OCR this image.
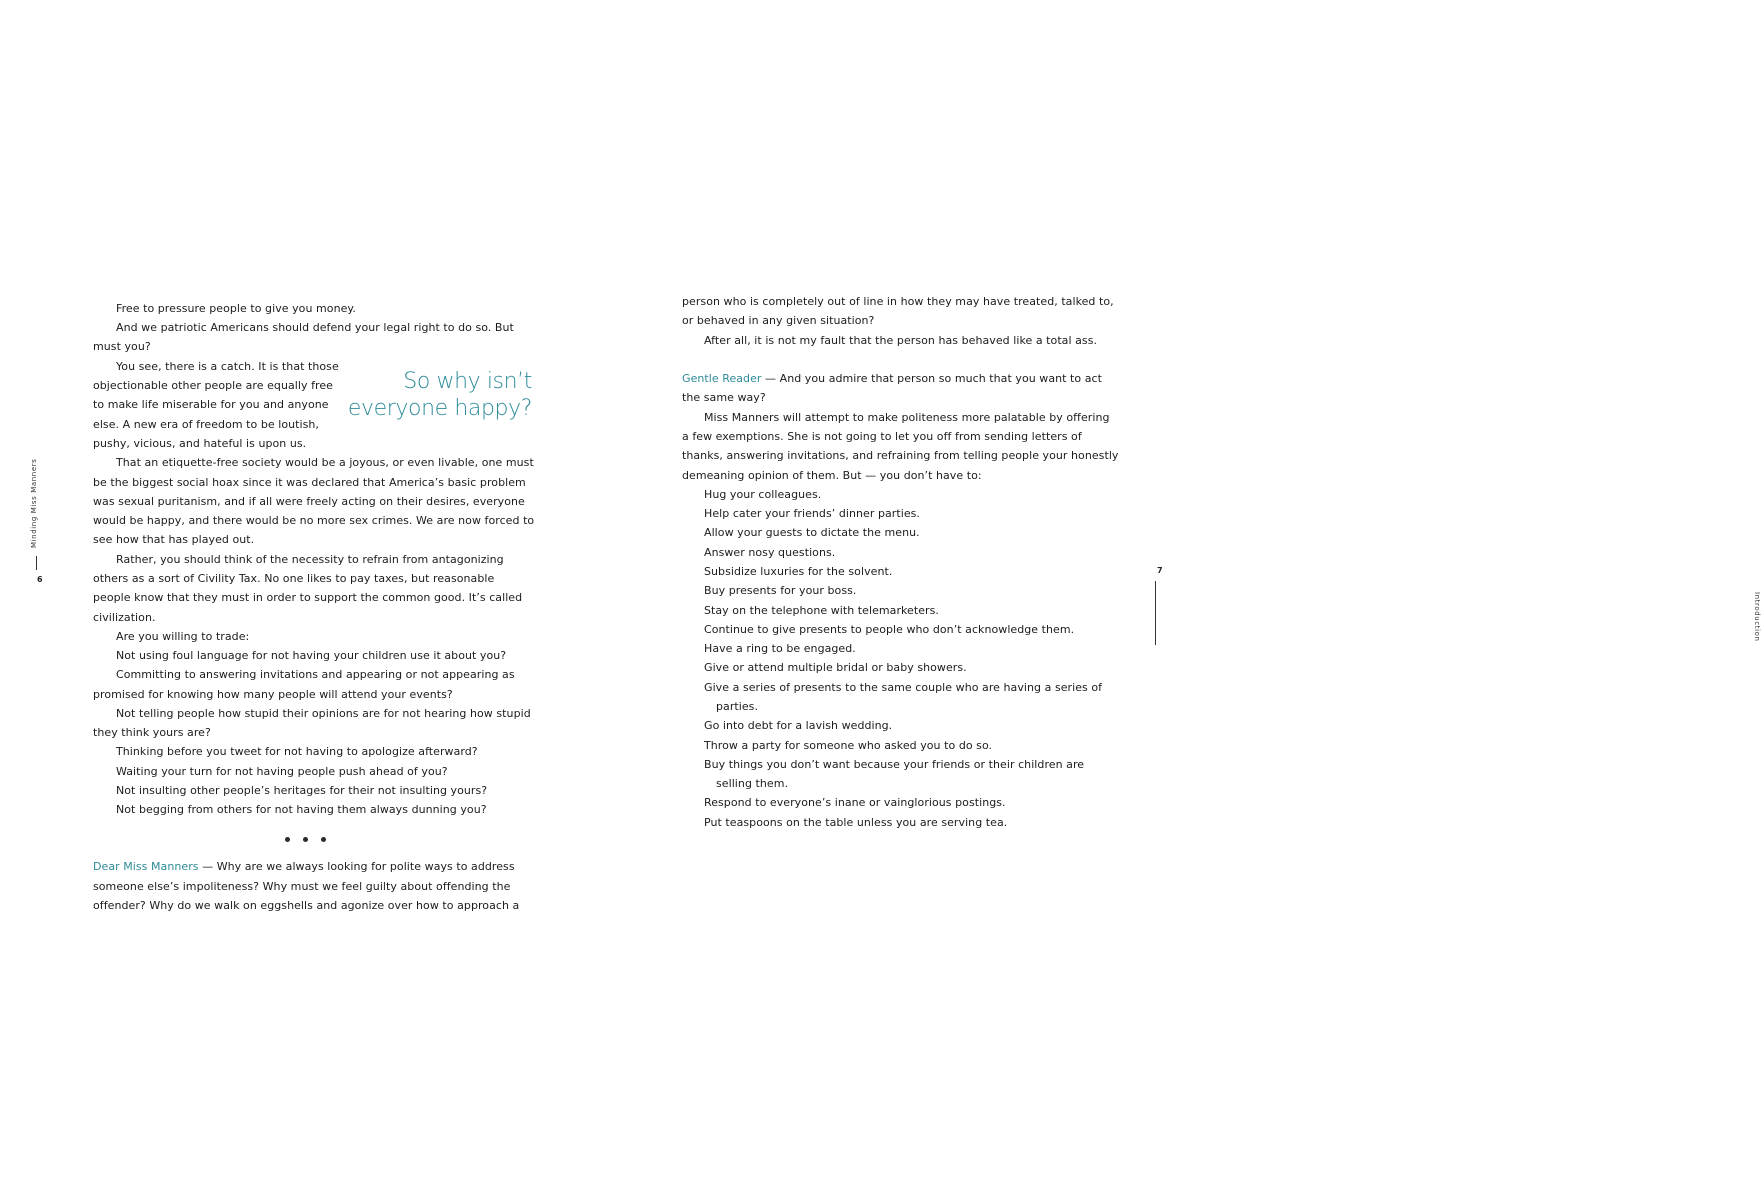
Minding Miss Manners
6
So why isn’t
everyone happy?
Free to pressure people to give you money.
And we patriotic Americans should defend your legal right to do so. But
must you?
You see, there is a catch. It is that those
objectionable other people are equally free
to make life miserable for you and anyone
else. A new era of freedom to be loutish,
pushy, vicious, and hateful is upon us.
That an etiquette-free society would be a joyous, or even livable, one must
be the biggest social hoax since it was declared that America’s basic problem
was sexual puritanism, and if all were freely acting on their desires, everyone
would be happy, and there would be no more sex crimes. We are now forced to
see how that has played out.
Rather, you should think of the necessity to refrain from antagonizing
others as a sort of Civility Tax. No one likes to pay taxes, but reasonable
people know that they must in order to support the common good. It’s called
civilization.
Are you willing to trade:
Not using foul language for not having your children use it about you?
Committing to answering invitations and appearing or not appearing as
promised for knowing how many people will attend your events?
Not telling people how stupid their opinions are for not hearing how stupid
they think yours are?
Thinking before you tweet for not having to apologize afterward?
Waiting your turn for not having people push ahead of you?
Not insulting other people’s heritages for their not insulting yours?
Not begging from others for not having them always dunning you?
Dear Miss Manners — Why are we always looking for polite ways to address
someone else’s impoliteness? Why must we feel guilty about offending the
offender? Why do we walk on eggshells and agonize over how to approach a
7
Introduction
person who is completely out of line in how they may have treated, talked to,
or behaved in any given situation?
After all, it is not my fault that the person has behaved like a total ass.
Gentle Reader — And you admire that person so much that you want to act
the same way?
Miss Manners will attempt to make politeness more palatable by offering
a few exemptions. She is not going to let you off from sending letters of
thanks, answering invitations, and refraining from telling people your honestly
demeaning opinion of them. But — you don’t have to:
Hug your colleagues.
Help cater your friends’ dinner parties.
Allow your guests to dictate the menu.
Answer nosy questions.
Subsidize luxuries for the solvent.
Buy presents for your boss.
Stay on the telephone with telemarketers.
Continue to give presents to people who don’t acknowledge them.
Have a ring to be engaged.
Give or attend multiple bridal or baby showers.
Give a series of presents to the same couple who are having a series of
parties.
Go into debt for a lavish wedding.
Throw a party for someone who asked you to do so.
Buy things you don’t want because your friends or their children are
selling them.
Respond to everyone’s inane or vainglorious postings.
Put teaspoons on the table unless you are serving tea.
